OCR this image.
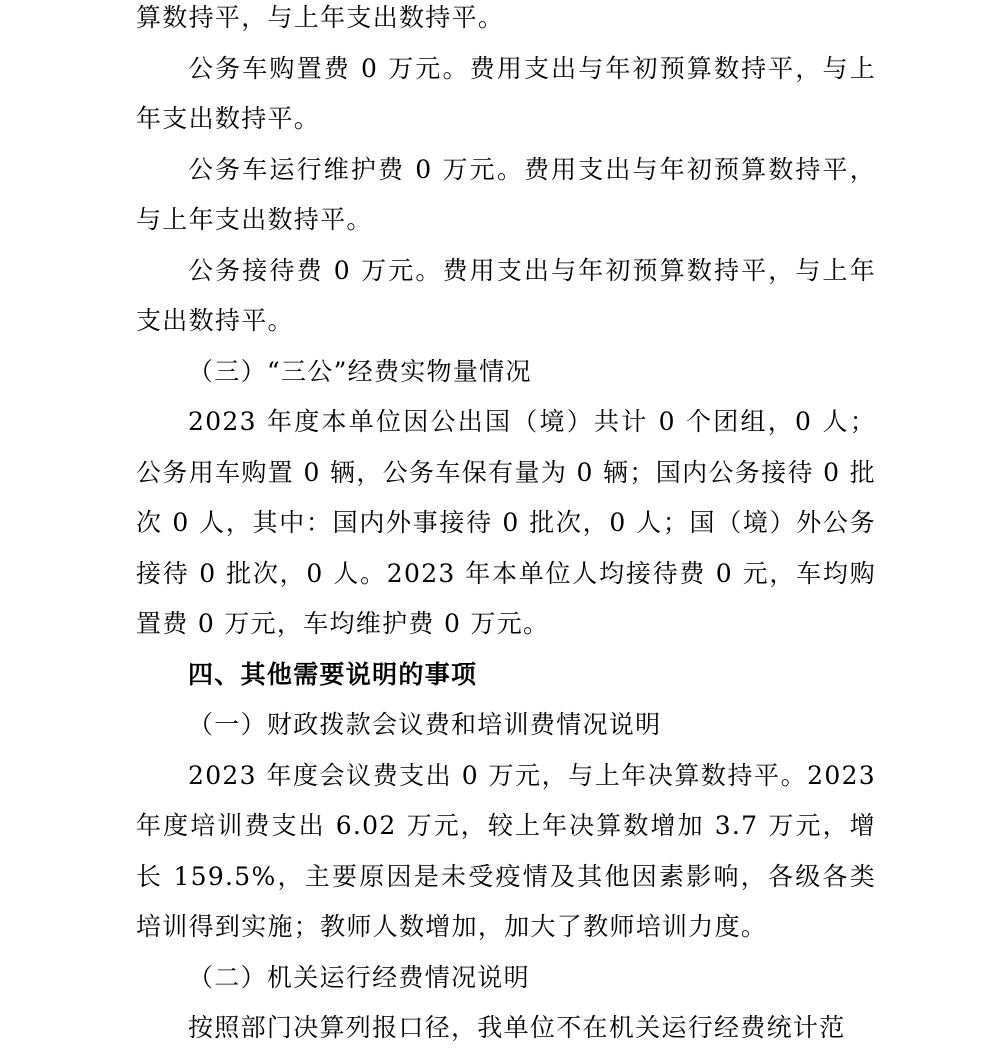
算数持平，与上年支出数持平。

公务车购置费 0 万元。费用支出与年初预算数持平，与上年支出数持平。

公务车运行维护费 0 万元。费用支出与年初预算数持平，与上年支出数持平。

公务接待费 0 万元。费用支出与年初预算数持平，与上年支出数持平。

（三）“三公”经费实物量情况

2023 年度本单位因公出国（境）共计 0 个团组，0 人；公务用车购置 0 辆，公务车保有量为 0 辆；国内公务接待 0 批次 0 人，其中：国内外事接待 0 批次，0 人；国（境）外公务接待 0 批次，0 人。2023 年本单位人均接待费 0 元，车均购置费 0 万元，车均维护费 0 万元。

四、其他需要说明的事项

（一）财政拨款会议费和培训费情况说明

2023 年度会议费支出 0 万元，与上年决算数持平。2023 年度培训费支出 6.02 万元，较上年决算数增加 3.7 万元，增长 159.5%，主要原因是未受疫情及其他因素影响，各级各类培训得到实施；教师人数增加，加大了教师培训力度。

（二）机关运行经费情况说明

按照部门决算列报口径，我单位不在机关运行经费统计范
